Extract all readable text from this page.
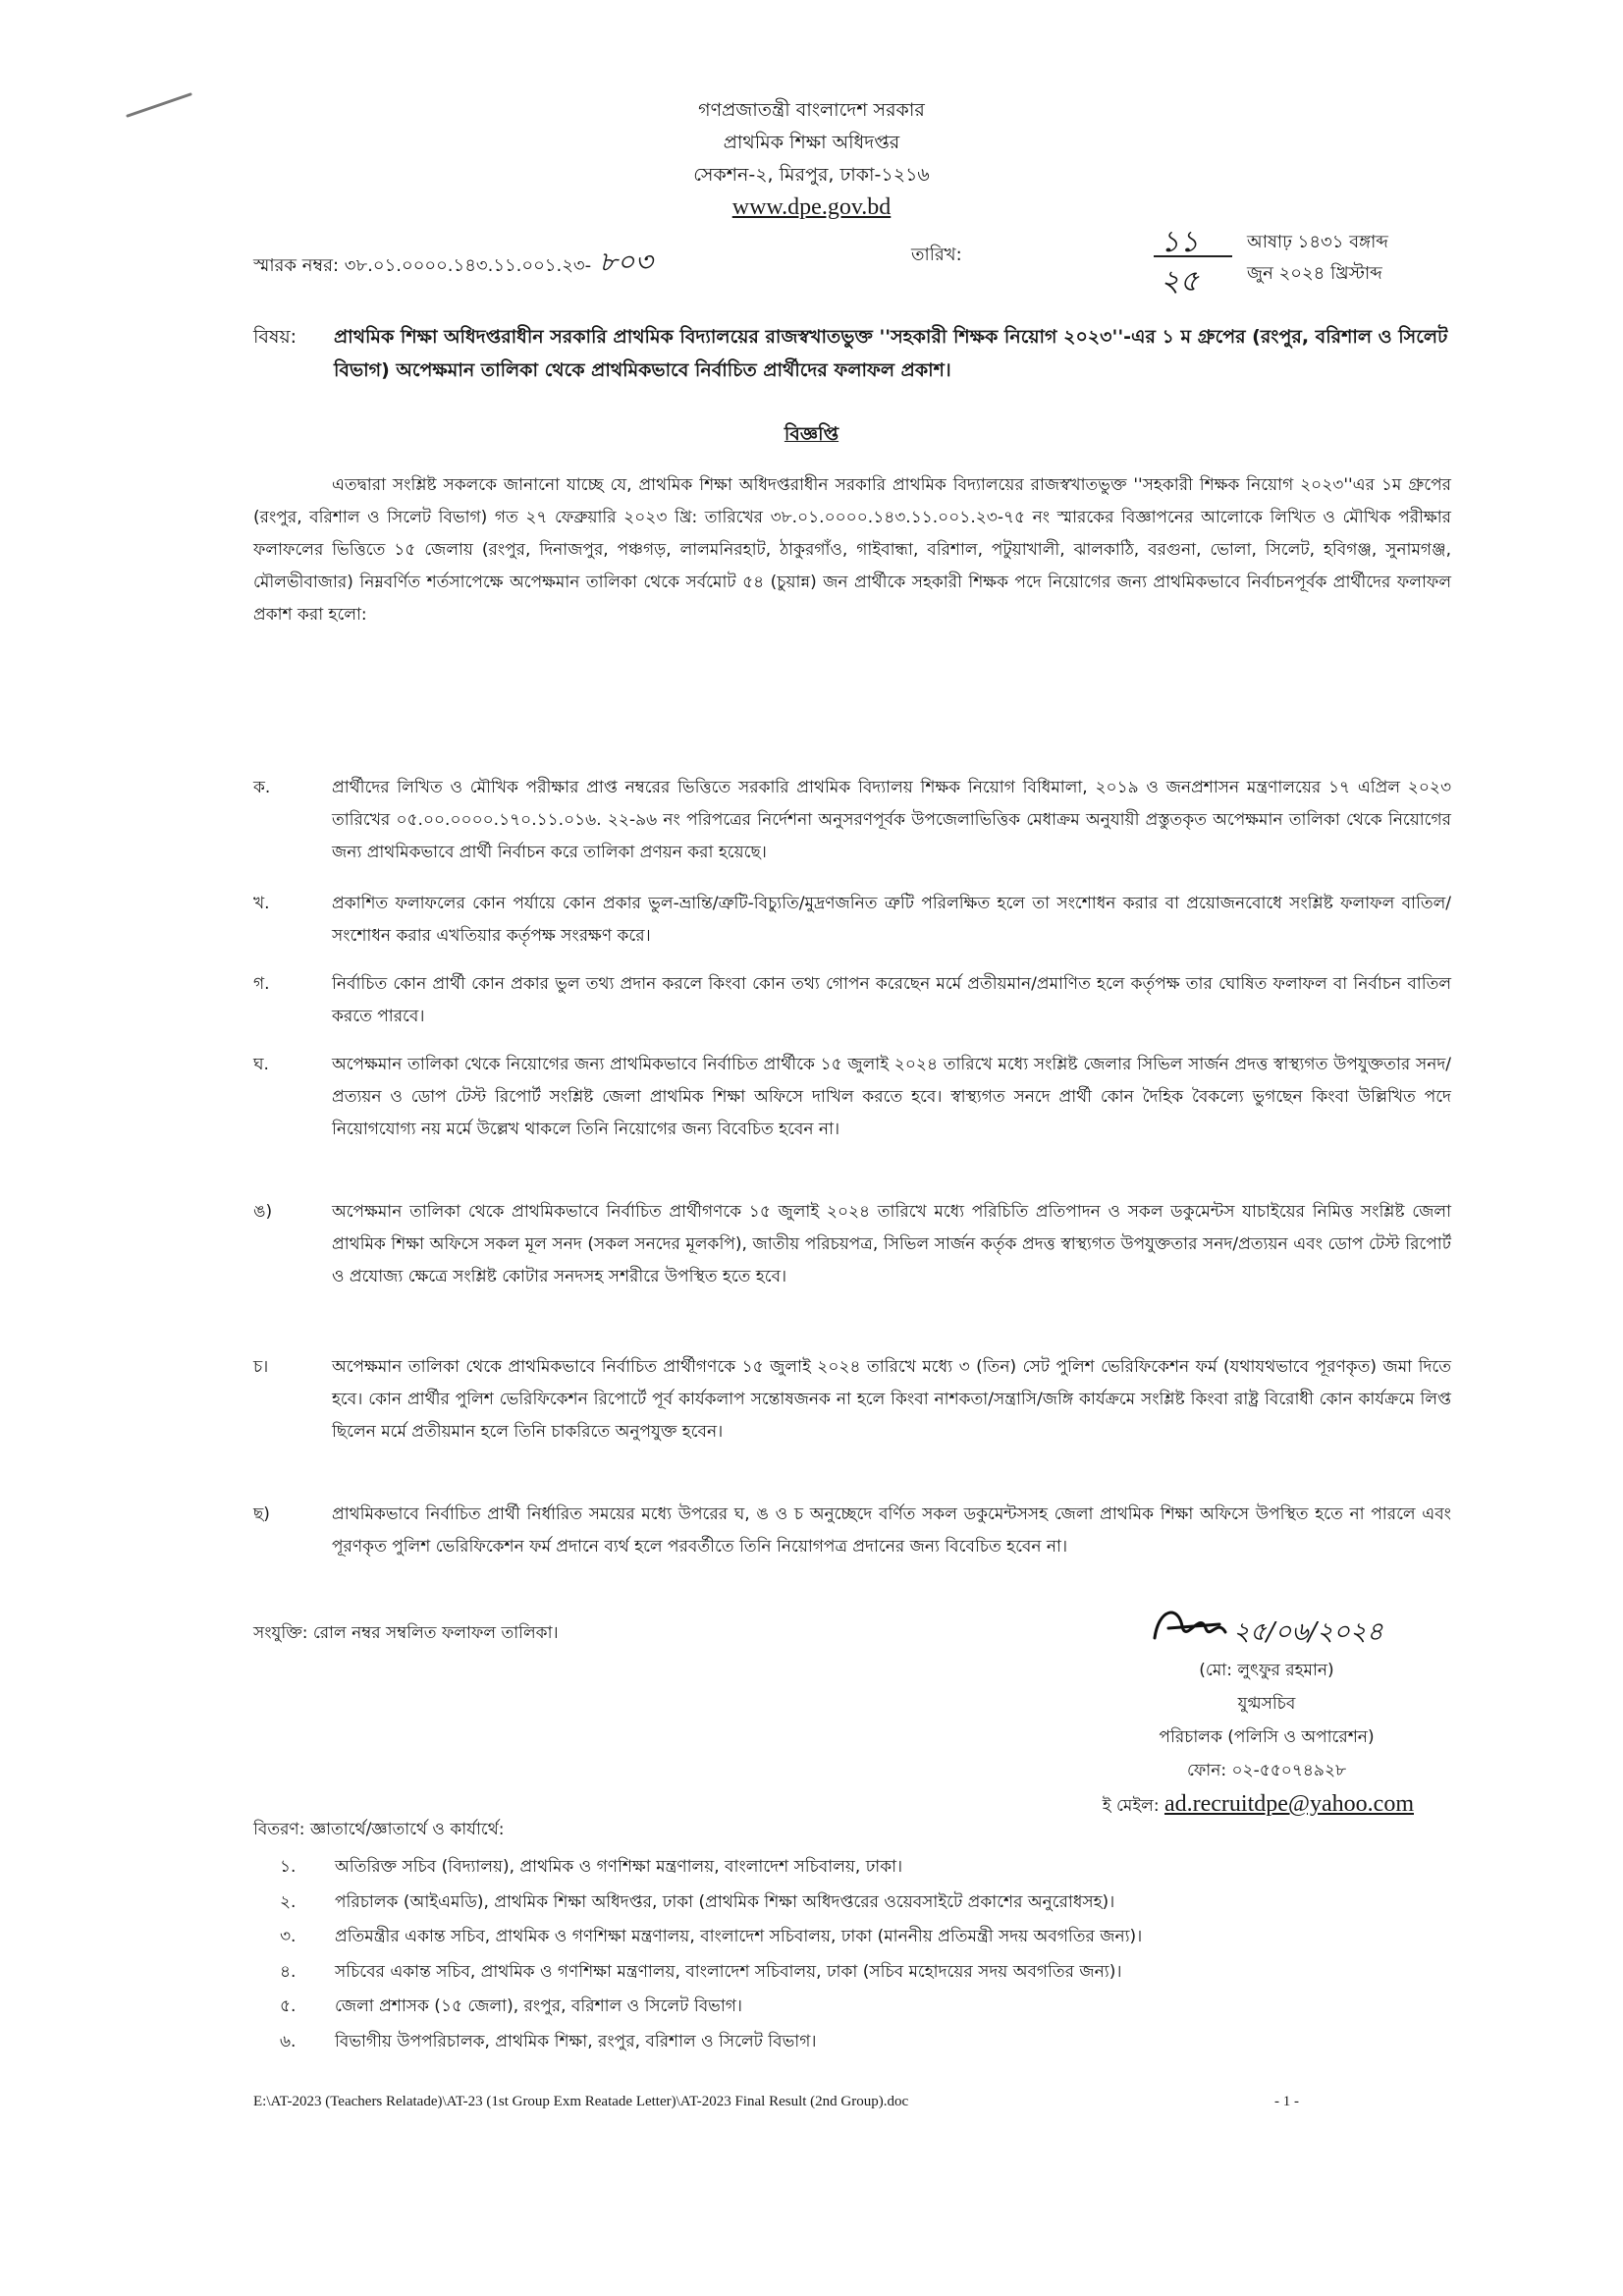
গণপ্রজাতন্ত্রী বাংলাদেশ সরকার
প্রাথমিক শিক্ষা অধিদপ্তর
সেকশন-২, মিরপুর, ঢাকা-১২১৬
www.dpe.gov.bd
স্মারক নম্বর: ৩৮.০১.০০০০.১৪৩.১১.০০১.২৩- ৮০৩	তারিখ:	১১
২৫
আষাঢ় ১৪৩১ বঙ্গাব্দ
জুন ২০২৪ খ্রিস্টাব্দ
বিষয়: প্রাথমিক শিক্ষা অধিদপ্তরাধীন সরকারি প্রাথমিক বিদ্যালয়ের রাজস্বখাতভুক্ত ''সহকারী শিক্ষক নিয়োগ ২০২৩''-এর ১ ম গ্রুপের (রংপুর, বরিশাল ও সিলেট বিভাগ) অপেক্ষমান তালিকা থেকে প্রাথমিকভাবে নির্বাচিত প্রার্থীদের ফলাফল প্রকাশ।
বিজ্ঞপ্তি
এতদ্বারা সংশ্লিষ্ট সকলকে জানানো যাচ্ছে যে, প্রাথমিক শিক্ষা অধিদপ্তরাধীন সরকারি প্রাথমিক বিদ্যালয়ের রাজস্বখাতভুক্ত ''সহকারী শিক্ষক নিয়োগ ২০২৩''এর ১ম গ্রুপের (রংপুর, বরিশাল ও সিলেট বিভাগ) গত ২৭ ফেব্রুয়ারি ২০২৩ খ্রি: তারিখের ৩৮.০১.০০০০.১৪৩.১১.০০১.২৩-৭৫ নং স্মারকের বিজ্ঞাপনের আলোকে লিখিত ও মৌখিক পরীক্ষার ফলাফলের ভিত্তিতে ১৫ জেলায় (রংপুর, দিনাজপুর, পঞ্চগড়, লালমনিরহাট, ঠাকুরগাঁও, গাইবান্ধা, বরিশাল, পটুয়াখালী, ঝালকাঠি, বরগুনা, ভোলা, সিলেট, হবিগঞ্জ, সুনামগঞ্জ, মৌলভীবাজার) নিম্নবর্ণিত শর্তসাপেক্ষে অপেক্ষমান তালিকা থেকে সর্বমোট ৫৪ (চুয়ান্ন) জন প্রার্থীকে সহকারী শিক্ষক পদে নিয়োগের জন্য প্রাথমিকভাবে নির্বাচনপূর্বক প্রার্থীদের ফলাফল প্রকাশ করা হলো:
ক.	প্রার্থীদের লিখিত ও মৌখিক পরীক্ষার প্রাপ্ত নম্বরের ভিত্তিতে সরকারি প্রাথমিক বিদ্যালয় শিক্ষক নিয়োগ বিধিমালা, ২০১৯ ও জনপ্রশাসন মন্ত্রণালয়ের ১৭ এপ্রিল ২০২৩ তারিখের ০৫.০০.০০০০.১৭০.১১.০১৬. ২২-৯৬ নং পরিপত্রের নির্দেশনা অনুসরণপূর্বক উপজেলাভিত্তিক মেধাক্রম অনুযায়ী প্রস্তুতকৃত অপেক্ষমান তালিকা থেকে নিয়োগের জন্য প্রাথমিকভাবে প্রার্থী নির্বাচন করে তালিকা প্রণয়ন করা হয়েছে।
খ.	প্রকাশিত ফলাফলের কোন পর্যায়ে কোন প্রকার ভুল-ভ্রান্তি/ত্রুটি-বিচ্যুতি/মুদ্রণজনিত ত্রুটি পরিলক্ষিত হলে তা সংশোধন করার বা প্রয়োজনবোধে সংশ্লিষ্ট ফলাফল বাতিল/সংশোধন করার এখতিয়ার কর্তৃপক্ষ সংরক্ষণ করে।
গ.	নির্বাচিত কোন প্রার্থী কোন প্রকার ভুল তথ্য প্রদান করলে কিংবা কোন তথ্য গোপন করেছেন মর্মে প্রতীয়মান/প্রমাণিত হলে কর্তৃপক্ষ তার ঘোষিত ফলাফল বা নির্বাচন বাতিল করতে পারবে।
ঘ.	অপেক্ষমান তালিকা থেকে নিয়োগের জন্য প্রাথমিকভাবে নির্বাচিত প্রার্থীকে ১৫ জুলাই ২০২৪ তারিখে মধ্যে সংশ্লিষ্ট জেলার সিভিল সার্জন প্রদত্ত স্বাস্থ্যগত উপযুক্ততার সনদ/প্রত্যয়ন ও ডোপ টেস্ট রিপোর্ট সংশ্লিষ্ট জেলা প্রাথমিক শিক্ষা অফিসে দাখিল করতে হবে। স্বাস্থ্যগত সনদে প্রার্থী কোন দৈহিক বৈকল্যে ভুগছেন কিংবা উল্লিখিত পদে নিয়োগযোগ্য নয় মর্মে উল্লেখ থাকলে তিনি নিয়োগের জন্য বিবেচিত হবেন না।
ঙ)	অপেক্ষমান তালিকা থেকে প্রাথমিকভাবে নির্বাচিত প্রার্থীগণকে ১৫ জুলাই ২০২৪ তারিখে মধ্যে পরিচিতি প্রতিপাদন ও সকল ডকুমেন্টস যাচাইয়ের নিমিত্ত সংশ্লিষ্ট জেলা প্রাথমিক শিক্ষা অফিসে সকল মূল সনদ (সকল সনদের মূলকপি), জাতীয় পরিচয়পত্র, সিভিল সার্জন কর্তৃক প্রদত্ত স্বাস্থ্যগত উপযুক্ততার সনদ/প্রত্যয়ন এবং ডোপ টেস্ট রিপোর্ট ও প্রযোজ্য ক্ষেত্রে সংশ্লিষ্ট কোটার সনদসহ সশরীরে উপস্থিত হতে হবে।
চ।	অপেক্ষমান তালিকা থেকে প্রাথমিকভাবে নির্বাচিত প্রার্থীগণকে ১৫ জুলাই ২০২৪ তারিখে মধ্যে ৩ (তিন) সেট পুলিশ ভেরিফিকেশন ফর্ম (যথাযথভাবে পূরণকৃত) জমা দিতে হবে। কোন প্রার্থীর পুলিশ ভেরিফিকেশন রিপোর্টে পূর্ব কার্যকলাপ সন্তোষজনক না হলে কিংবা নাশকতা/সন্ত্রাসি/জঙ্গি কার্যক্রমে সংশ্লিষ্ট কিংবা রাষ্ট্র বিরোধী কোন কার্যক্রমে লিপ্ত ছিলেন মর্মে প্রতীয়মান হলে তিনি চাকরিতে অনুপযুক্ত হবেন।
ছ)	প্রাথমিকভাবে নির্বাচিত প্রার্থী নির্ধারিত সময়ের মধ্যে উপরের ঘ, ঙ ও চ অনুচ্ছেদে বর্ণিত সকল ডকুমেন্টসসহ জেলা প্রাথমিক শিক্ষা অফিসে উপস্থিত হতে না পারলে এবং পূরণকৃত পুলিশ ভেরিফিকেশন ফর্ম প্রদানে ব্যর্থ হলে পরবর্তীতে তিনি নিয়োগপত্র প্রদানের জন্য বিবেচিত হবেন না।
সংযুক্তি: রোল নম্বর সম্বলিত ফলাফল তালিকা।	২৫/০৬/২০২৪
(মো: লুৎফুর রহমান)
যুগ্মসচিব
পরিচালক (পলিসি ও অপারেশন)
ফোন: ০২-৫৫০৭৪৯২৮
ই মেইল: ad.recruitdpe@yahoo.com
বিতরণ: জ্ঞাতার্থে/জ্ঞাতার্থে ও কার্যার্থে:
১. অতিরিক্ত সচিব (বিদ্যালয়), প্রাথমিক ও গণশিক্ষা মন্ত্রণালয়, বাংলাদেশ সচিবালয়, ঢাকা।
২. পরিচালক (আইএমডি), প্রাথমিক শিক্ষা অধিদপ্তর, ঢাকা (প্রাথমিক শিক্ষা অধিদপ্তরের ওয়েবসাইটে প্রকাশের অনুরোধসহ)।
৩. প্রতিমন্ত্রীর একান্ত সচিব, প্রাথমিক ও গণশিক্ষা মন্ত্রণালয়, বাংলাদেশ সচিবালয়, ঢাকা (মাননীয় প্রতিমন্ত্রী সদয় অবগতির জন্য)।
৪. সচিবের একান্ত সচিব, প্রাথমিক ও গণশিক্ষা মন্ত্রণালয়, বাংলাদেশ সচিবালয়, ঢাকা (সচিব মহোদয়ের সদয় অবগতির জন্য)।
৫. জেলা প্রশাসক (১৫ জেলা), রংপুর, বরিশাল ও সিলেট বিভাগ।
৬. বিভাগীয় উপপরিচালক, প্রাথমিক শিক্ষা, রংপুর, বরিশাল ও সিলেট বিভাগ।
E:\AT-2023 (Teachers Relatade)\AT-23 (1st Group Exm Reatade Letter)\AT-2023 Final Result (2nd Group).doc	- 1 -
